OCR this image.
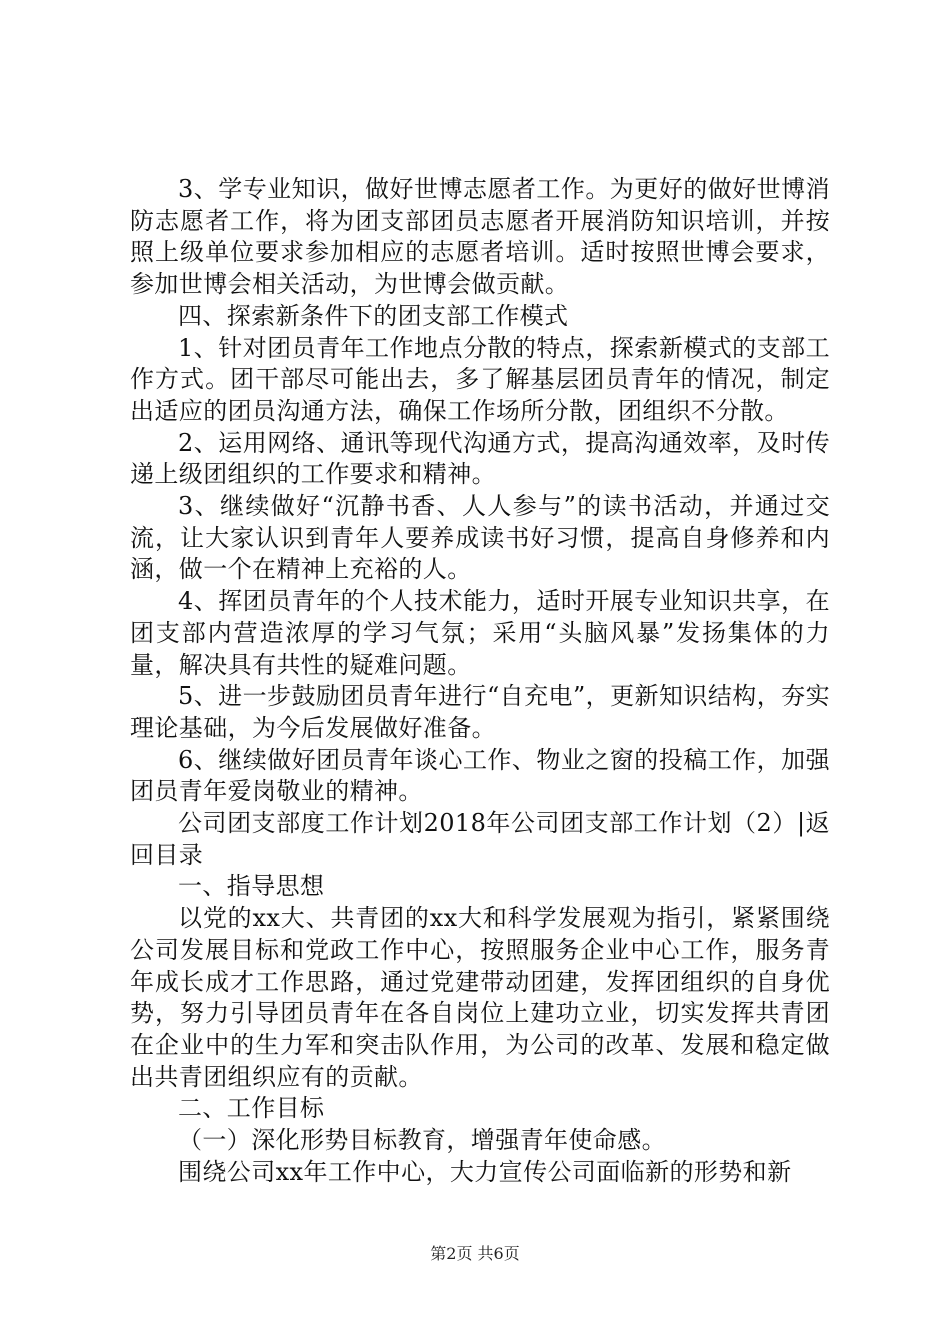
3、学专业知识，做好世博志愿者工作。为更好的做好世博消防志愿者工作，将为团支部团员志愿者开展消防知识培训，并按照上级单位要求参加相应的志愿者培训。适时按照世博会要求，参加世博会相关活动，为世博会做贡献。

四、探索新条件下的团支部工作模式

1、针对团员青年工作地点分散的特点，探索新模式的支部工作方式。团干部尽可能出去，多了解基层团员青年的情况，制定出适应的团员沟通方法，确保工作场所分散，团组织不分散。

2、运用网络、通讯等现代沟通方式，提高沟通效率，及时传递上级团组织的工作要求和精神。

3、继续做好“沉静书香、人人参与”的读书活动，并通过交流，让大家认识到青年人要养成读书好习惯，提高自身修养和内涵，做一个在精神上充裕的人。

4、挥团员青年的个人技术能力，适时开展专业知识共享，在团支部内营造浓厚的学习气氛；采用“头脑风暴”发扬集体的力量，解决具有共性的疑难问题。

5、进一步鼓励团员青年进行“自充电”，更新知识结构，夯实理论基础，为今后发展做好准备。

6、继续做好团员青年谈心工作、物业之窗的投稿工作，加强团员青年爱岗敬业的精神。

公司团支部度工作计划2018年公司团支部工作计划（2）|返回目录

一、指导思想

以党的xx大、共青团的xx大和科学发展观为指引，紧紧围绕公司发展目标和党政工作中心，按照服务企业中心工作，服务青年成长成才工作思路，通过党建带动团建，发挥团组织的自身优势，努力引导团员青年在各自岗位上建功立业，切实发挥共青团在企业中的生力军和突击队作用，为公司的改革、发展和稳定做出共青团组织应有的贡献。

二、工作目标

（一）深化形势目标教育，增强青年使命感。

围绕公司xx年工作中心，大力宣传公司面临新的形势和新

第2页 共6页
